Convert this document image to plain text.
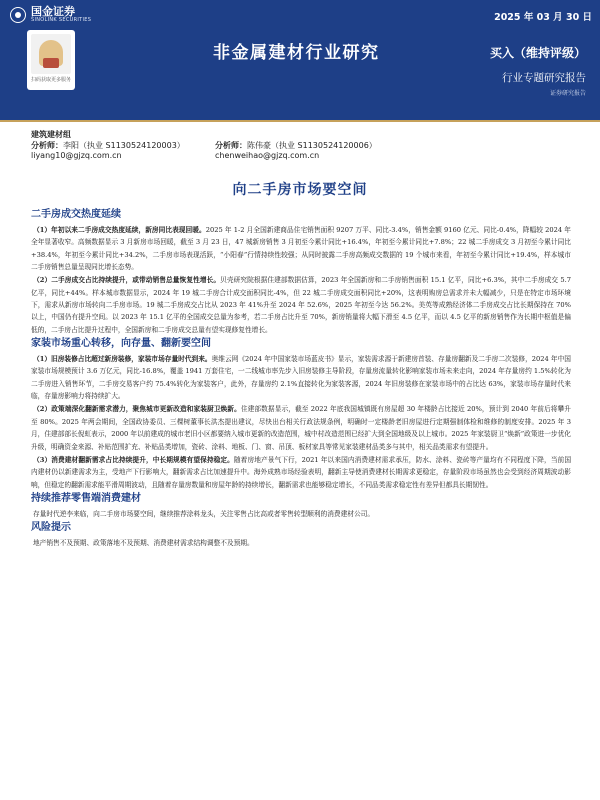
国金证券
SINOLINK SECURITIES
扫码获取更多服务
2025 年 03 月 30 日
非金属建材行业研究	买入（维持评级）
行业专题研究报告
证券研究报告
建筑建材组
分析师：李阳（执业 S1130524120003）
liyang10@gjzq.com.cn
分析师：陈伟豪（执业 S1130524120006）
chenweihao@gjzq.com.cn
向二手房市场要空间
二手房成交热度延续

（1）年初以来二手房成交热度延续，新房同比表现回暖。2025 年 1-2 月全国新建商品住宅销售面积 9207 万平、同比-3.4%，销售金额 9160 亿元、同比-0.4%，降幅较 2024 年全年显著收窄。高频数据显示 3 月新房市场回暖，截至 3 月 23 日，47 城新房销售 3 月初至今累计同比+16.4%，年初至今累计同比+7.8%；22 城二手房成交 3 月初至今累计同比+38.4%，年初至今累计同比+34.2%，二手房市场表现活跃，“小阳春”行情持续性较强；从同时披露二手房高频成交数据的 19 个城市来看，年初至今累计同比+19.4%，样本城市二手房销售总量呈现同比增长态势。

（2）二手房成交占比持续提升，或带动销售总量恢复性增长。贝壳研究院根据住建部数据估算，2023 年全国新房和二手房销售面积 15.1 亿平，同比+6.3%，其中二手房成交 5.7 亿平，同比+44%。样本城市数据显示，2024 年 19 城二手房合计成交面积同比-4%，但 22 城二手房成交面积同比+20%，这表明购房总需求并未大幅减少，只是在特定市场环境下，需求从新房市场转向二手房市场。19 城二手房成交占比从 2023 年 41%升至 2024 年 52.6%，2025 年初至今达 56.2%。美英等成熟经济体二手房成交占比长期保持在 70%以上，中国仍有提升空间。以 2023 年 15.1 亿平的全国成交总量为参考，若二手房占比升至 70%，新房销量将大幅下滑至 4.5 亿平，而以 4.5 亿平的新房销售作为长期中枢值是偏低的，二手房占比提升过程中，全国新房和二手房成交总量有望实现修复性增长。

家装市场重心转移，向存量、翻新要空间

（1）旧房装修占比超过新房装修，家装市场存量时代到来。奥维云网《2024 年中国家装市场蓝皮书》显示，家装需求源于新建房首装、存量房翻新及二手房二次装修，2024 年中国家装市场规模预计 3.6 万亿元，同比-16.8%，覆盖 1941 万套住宅，一二线城市率先步入旧房装修主导阶段，存量房流量转化影响家装市场未来走向，2024 年存量房约 1.5%转化为二手房进入销售环节，二手房交易客户约 75.4%转化为家装客户，此外，存量房约 2.1%直接转化为家装客源，2024 年旧房装修在家装市场中的占比达 63%，家装市场存量时代来临，存量房影响力将持续扩大。

（2）政策端深化翻新需求潜力，聚焦城市更新改造和家装厨卫焕新。住建部数据显示，截至 2022 年底我国城镇既有房屋超 30 年楼龄占比接近 20%，预计到 2040 年前后将攀升至 80%。2025 年两会期间，全国政协委员、三棵树董事长洪杰提出建议，尽快出台相关行政法规条例，明确时一定楼龄老旧房屋进行定期强制体检和维修的制度安排。2025 年 3 月，住建部部长倪虹表示，2000 年以前建成的城市老旧小区都要纳入城市更新的改造范围，城中村改造范围已经扩大到全国地级及以上城市。2025 年家装厨卫“焕新”政策进一步优化升级，明确资金来源、补贴范围扩充、补贴品类增加，瓷砖、涂料、地板、门、窗、吊顶、板材家具等常见家装建材品类多与其中，相关品类需求有望提升。

（3）消费建材翻新需求占比持续提升，中长期规模有望保持稳定。随着房地产景气下行，2021 年以来国内消费建材需求承压，防水、涂料、瓷砖等产量均有不同程度下降，当前国内建材仍以新建需求为主，受地产下行影响大，翻新需求占比加速提升中。海外成熟市场经验表明，翻新主导使消费建材长期需求更稳定，存量阶段市场虽然也会受到经济周期波动影响，但稳定的翻新需求能平滑周期波动，且随着存量房数量和房屋年龄的持续增长，翻新需求也能够稳定增长，不同品类需求稳定性有差异但都具长期韧性。

持续推荐零售端消费建材

存量时代逆李来临，向二手房市场要空间，继续推荐涂料龙头，关注零售占比高或者零售转型顺利的消费建材公司。

风险提示

地产销售不及预期、政策落地不及预期、消费建材需求结构调整不及预期。
